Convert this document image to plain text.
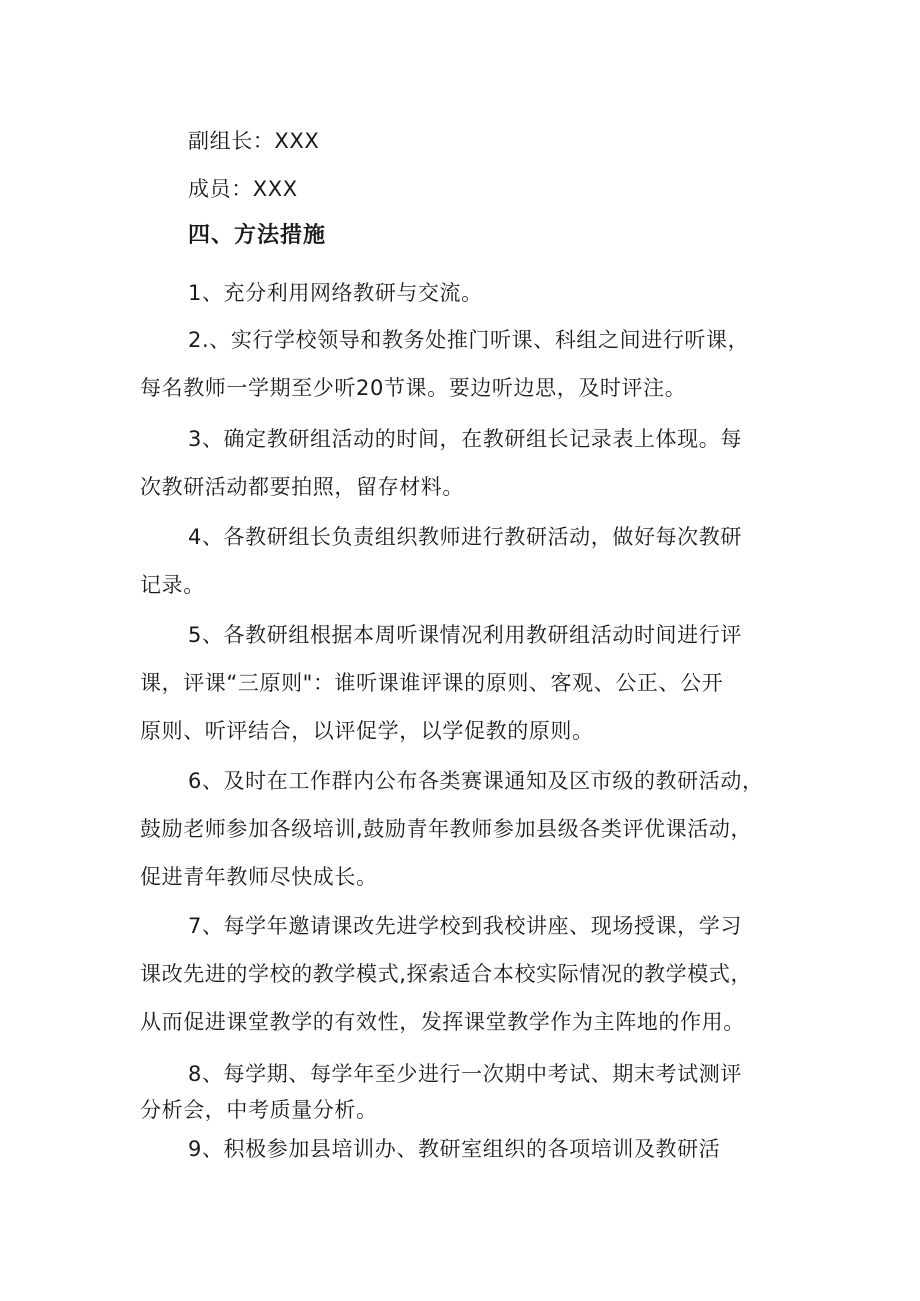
副组长：XXX
成员：XXX
四、方法措施
1、充分利用网络教研与交流。
2.、实行学校领导和教务处推门听课、科组之间进行听课，
每名教师一学期至少听20节课。要边听边思，及时评注。
3、确定教研组活动的时间，在教研组长记录表上体现。每
次教研活动都要拍照，留存材料。
4、各教研组长负责组织教师进行教研活动，做好每次教研
记录。
5、各教研组根据本周听课情况利用教研组活动时间进行评
课，评课“三原则"：谁听课谁评课的原则、客观、公正、公开
原则、听评结合，以评促学，以学促教的原则。
6、及时在工作群内公布各类赛课通知及区市级的教研活动，
鼓励老师参加各级培训,鼓励青年教师参加县级各类评优课活动，
促进青年教师尽快成长。
7、每学年邀请课改先进学校到我校讲座、现场授课，学习
课改先进的学校的教学模式,探索适合本校实际情况的教学模式，
从而促进课堂教学的有效性，发挥课堂教学作为主阵地的作用。
8、每学期、每学年至少进行一次期中考试、期末考试测评
分析会，中考质量分析。
9、积极参加县培训办、教研室组织的各项培训及教研活
